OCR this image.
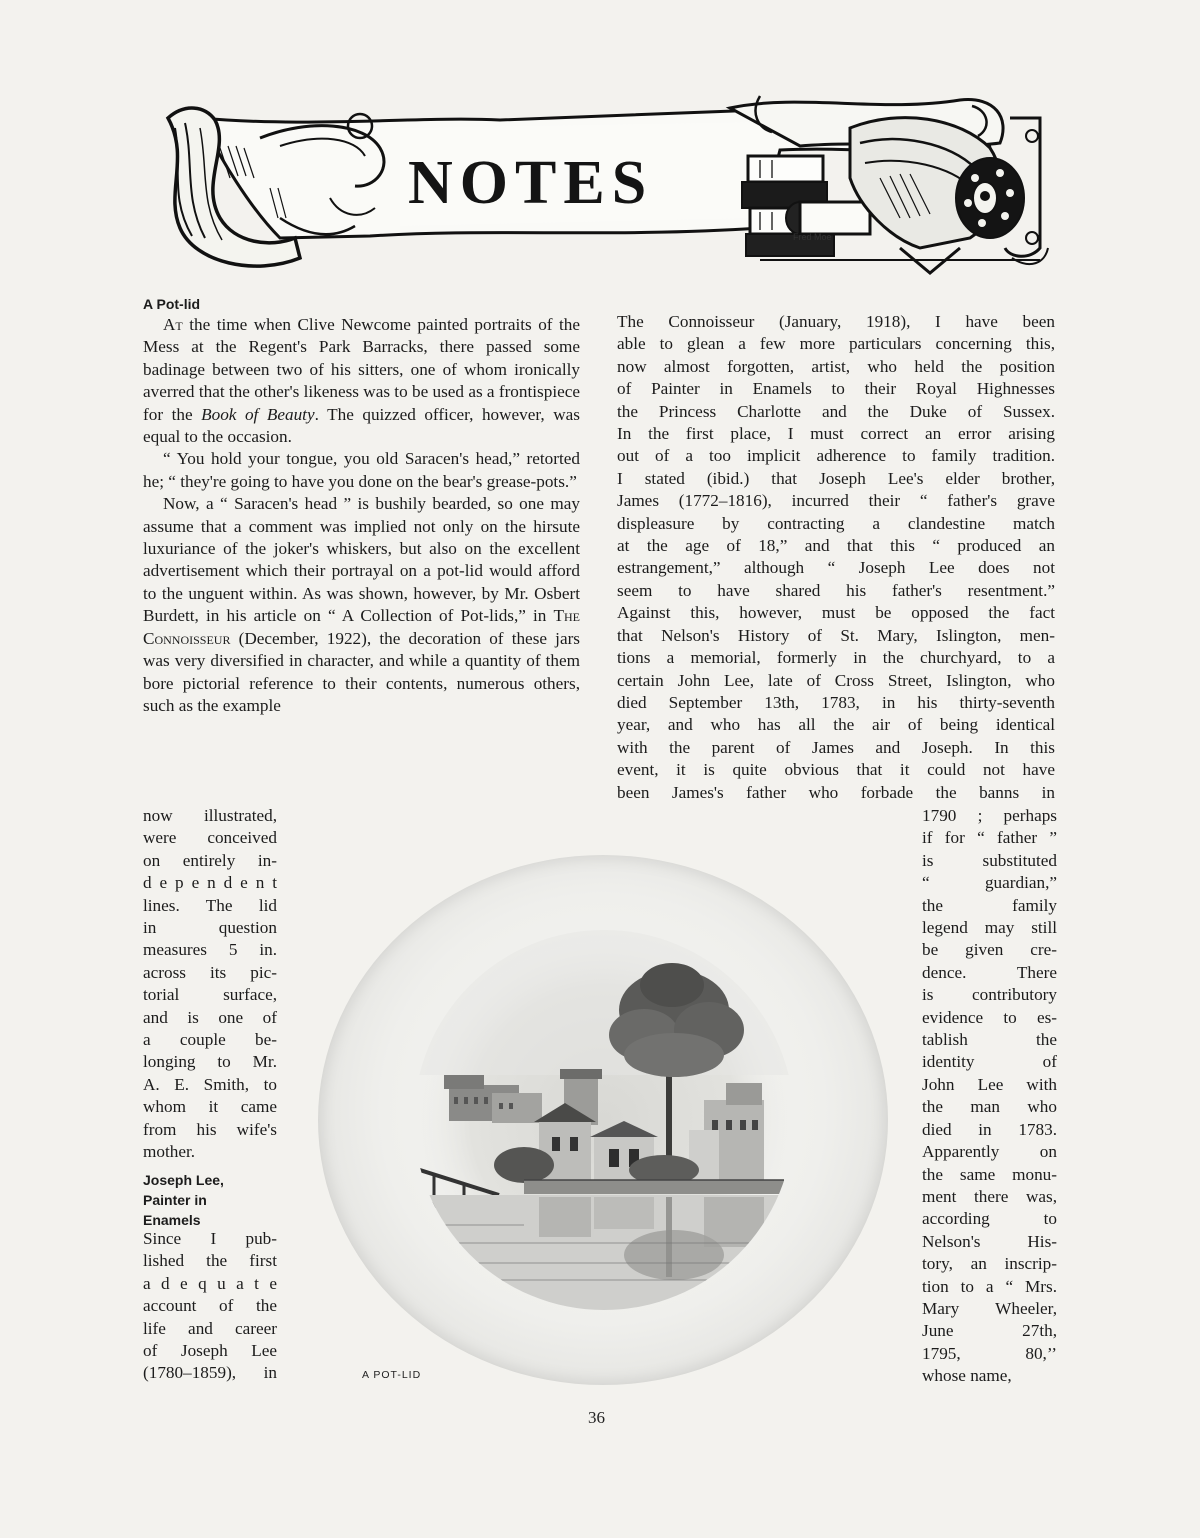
NOTES
Fred Moe

A Pot-lid

At the time when Clive Newcome painted portraits of the Mess at the Regent's Park Barracks, there passed some badinage between two of his sitters, one of whom ironically averred that the other's likeness was to be used as a frontispiece for the Book of Beauty. The quizzed officer, however, was equal to the occasion.

“ You hold your tongue, you old Saracen's head,” retorted he; “ they're going to have you done on the bear's grease-pots.”

Now, a “ Saracen's head ” is bushily bearded, so one may assume that a comment was implied not only on the hirsute luxuriance of the joker's whiskers, but also on the excellent advertisement which their portrayal on a pot-lid would afford to the unguent within. As was shown, however, by Mr. Osbert Burdett, in his article on “ A Collection of Pot-lids,” in The Connoisseur (December, 1922), the decoration of these jars was very diversified in character, and while a quantity of them bore pictorial reference to their contents, numerous others, such as the example

now illustrated,

were conceived

on entirely in-

d e p e n d e n t

lines. The lid

in question

measures 5 in.

across its pic-

torial surface,

and is one of

a couple be-

longing to Mr.

A. E. Smith, to

whom it came

from his wife's

mother.

Joseph Lee,

Painter in

Enamels

Since I pub-

lished the first

a d e q u a t e

account of the

life and career

of Joseph Lee

(1780–1859), in

The Connoisseur (January, 1918), I have been

able to glean a few more particulars concerning this,

now almost forgotten, artist, who held the position

of Painter in Enamels to their Royal Highnesses

the Princess Charlotte and the Duke of Sussex.

In the first place, I must correct an error arising

out of a too implicit adherence to family tradition.

I stated (ibid.) that Joseph Lee's elder brother,

James (1772–1816), incurred their “ father's grave

displeasure by contracting a clandestine match

at the age of 18,” and that this “ produced an

estrangement,” although “ Joseph Lee does not

seem to have shared his father's resentment.”

Against this, however, must be opposed the fact

that Nelson's History of St. Mary, Islington, men-

tions a memorial, formerly in the churchyard, to a

certain John Lee, late of Cross Street, Islington, who

died September 13th, 1783, in his thirty-seventh

year, and who has all the air of being identical

with the parent of James and Joseph. In this

event, it is quite obvious that it could not have

been James's father who forbade the banns in

1790 ; perhaps

if for “ father ”

is substituted

“ guardian,”

the family

legend may still

be given cre-

dence. There

is contributory

evidence to es-

tablish the

identity of

John Lee with

the man who

died in 1783.

Apparently on

the same monu-

ment there was,

according to

Nelson's His-

tory, an inscrip-

tion to a “ Mrs.

Mary Wheeler,

June 27th,

1795, 80,’’

whose name,

A POT-LID
36
